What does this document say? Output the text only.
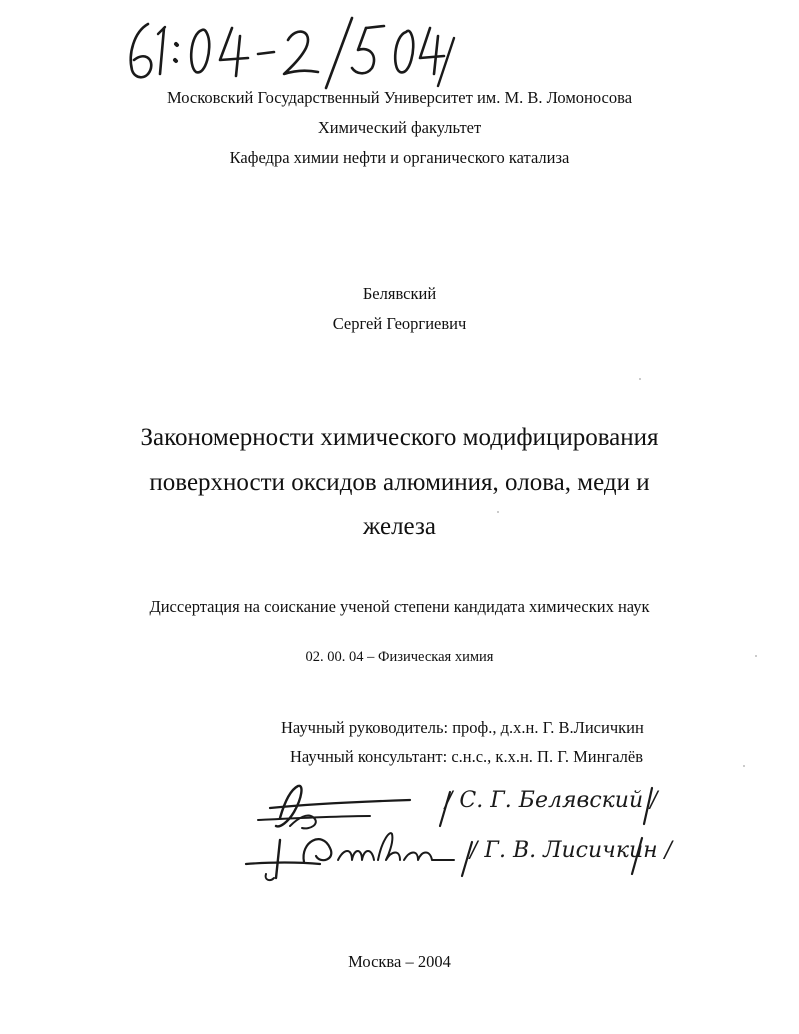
Московский Государственный Университет им. М. В. Ломоносова
Химический факультет
Кафедра химии нефти и органического катализа
Белявский
Сергей Георгиевич
Закономерности химического модифицирования
поверхности оксидов алюминия, олова, меди и
железа
Диссертация на соискание ученой степени кандидата химических наук
02. 00. 04 – Физическая химия
Научный руководитель: проф., д.х.н. Г. В.Лисичкин
Научный консультант: с.н.с., к.х.н. П. Г. Мингалёв
/ С. Г. Белявский /
/ Г. В. Лисичкин /
Москва – 2004
